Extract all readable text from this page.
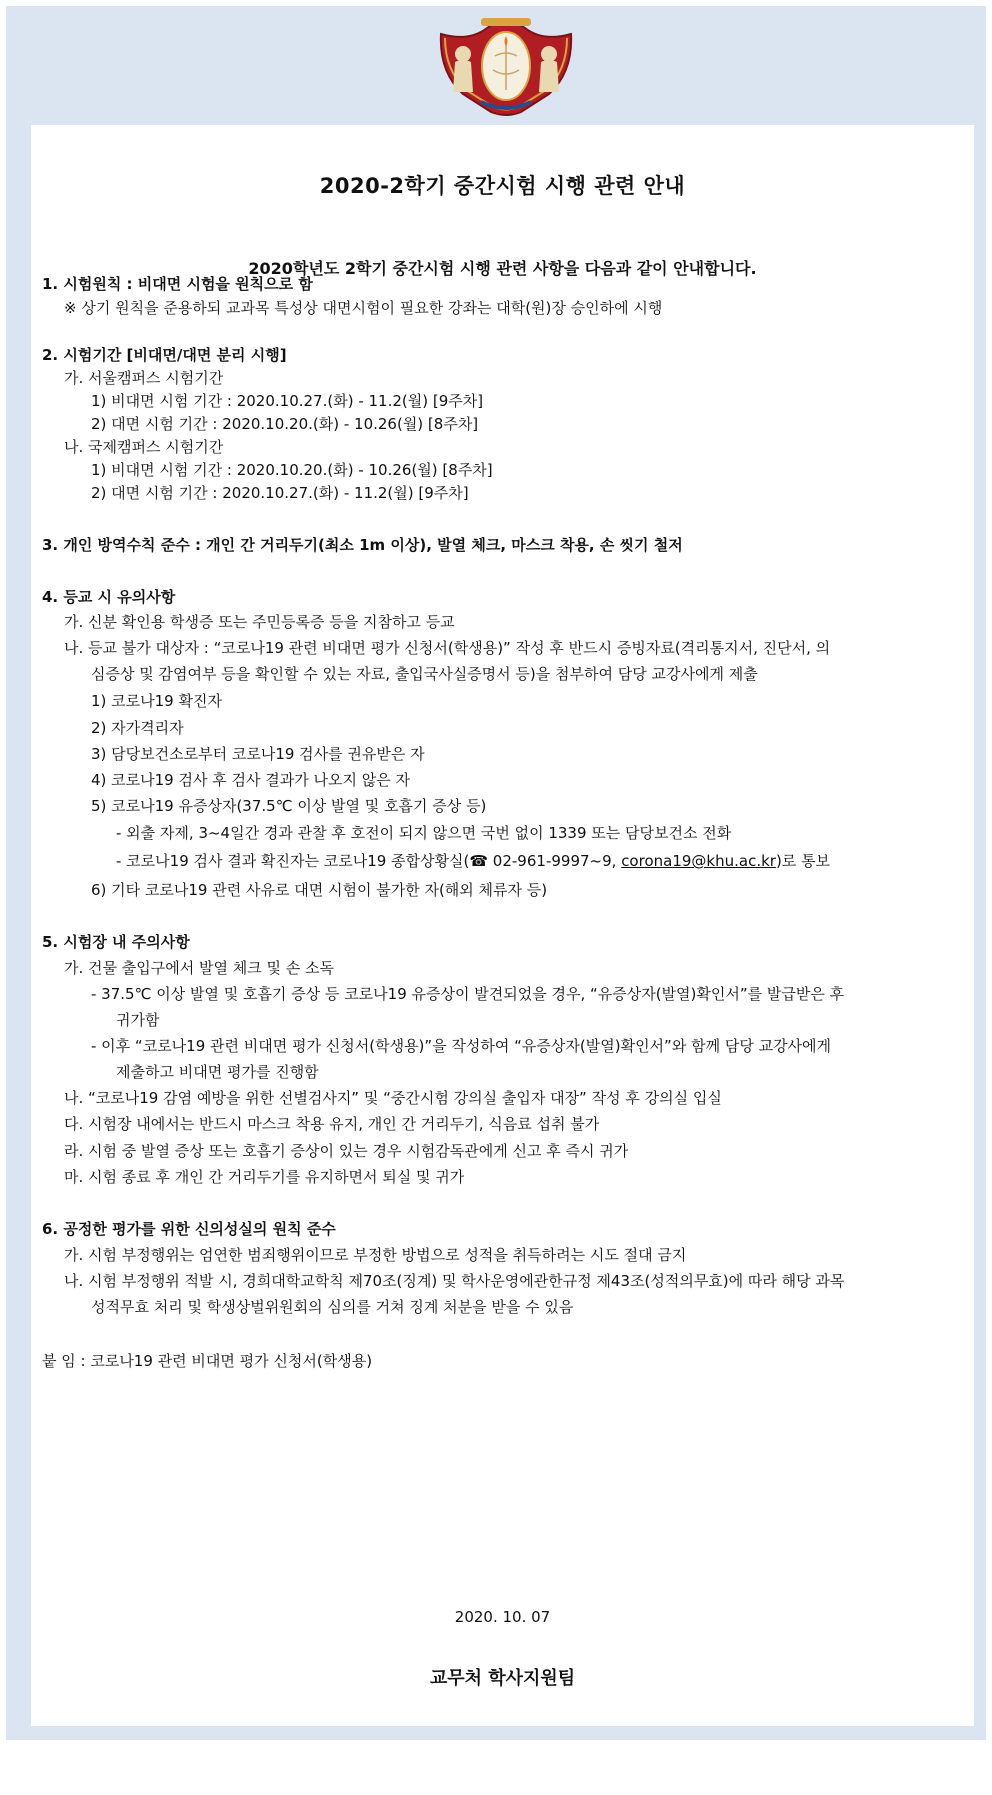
2020-2학기 중간시험 시행 관련 안내
2020학년도 2학기 중간시험 시행 관련 사항을 다음과 같이 안내합니다.
1. 시험원칙 : 비대면 시험을 원칙으로 함
※ 상기 원칙을 준용하되 교과목 특성상 대면시험이 필요한 강좌는 대학(원)장 승인하에 시행
2. 시험기간 [비대면/대면 분리 시행]
가. 서울캠퍼스 시험기간
1) 비대면 시험 기간 : 2020.10.27.(화) - 11.2(월) [9주차]
2) 대면 시험 기간 : 2020.10.20.(화) - 10.26(월) [8주차]
나. 국제캠퍼스 시험기간
1) 비대면 시험 기간 : 2020.10.20.(화) - 10.26(월) [8주차]
2) 대면 시험 기간 : 2020.10.27.(화) - 11.2(월) [9주차]
3. 개인 방역수칙 준수 : 개인 간 거리두기(최소 1m 이상), 발열 체크, 마스크 착용, 손 씻기 철저
4. 등교 시 유의사항
가. 신분 확인용 학생증 또는 주민등록증 등을 지참하고 등교
나. 등교 불가 대상자 : “코로나19 관련 비대면 평가 신청서(학생용)” 작성 후 반드시 증빙자료(격리통지서, 진단서, 의
심증상 및 감염여부 등을 확인할 수 있는 자료, 출입국사실증명서 등)을 첨부하여 담당 교강사에게 제출
1) 코로나19 확진자
2) 자가격리자
3) 담당보건소로부터 코로나19 검사를 권유받은 자
4) 코로나19 검사 후 검사 결과가 나오지 않은 자
5) 코로나19 유증상자(37.5℃ 이상 발열 및 호흡기 증상 등)
- 외출 자제, 3~4일간 경과 관찰 후 호전이 되지 않으면 국번 없이 1339 또는 담당보건소 전화
- 코로나19 검사 결과 확진자는 코로나19 종합상황실(☎ 02-961-9997~9, corona19@khu.ac.kr)로 통보
6) 기타 코로나19 관련 사유로 대면 시험이 불가한 자(해외 체류자 등)
5. 시험장 내 주의사항
가. 건물 출입구에서 발열 체크 및 손 소독
- 37.5℃ 이상 발열 및 호흡기 증상 등 코로나19 유증상이 발견되었을 경우, “유증상자(발열)확인서”를 발급받은 후
귀가함
- 이후 “코로나19 관련 비대면 평가 신청서(학생용)”을 작성하여 “유증상자(발열)확인서”와 함께 담당 교강사에게
제출하고 비대면 평가를 진행함
나. “코로나19 감염 예방을 위한 선별검사지” 및 “중간시험 강의실 출입자 대장” 작성 후 강의실 입실
다. 시험장 내에서는 반드시 마스크 착용 유지, 개인 간 거리두기, 식음료 섭취 불가
라. 시험 중 발열 증상 또는 호흡기 증상이 있는 경우 시험감독관에게 신고 후 즉시 귀가
마. 시험 종료 후 개인 간 거리두기를 유지하면서 퇴실 및 귀가
6. 공정한 평가를 위한 신의성실의 원칙 준수
가. 시험 부정행위는 엄연한 범죄행위이므로 부정한 방법으로 성적을 취득하려는 시도 절대 금지
나. 시험 부정행위 적발 시, 경희대학교학칙 제70조(징계) 및 학사운영에관한규정 제43조(성적의무효)에 따라 해당 과목
성적무효 처리 및 학생상벌위원회의 심의를 거쳐 징계 처분을 받을 수 있음
붙 임 : 코로나19 관련 비대면 평가 신청서(학생용)
2020. 10. 07
교무처 학사지원팀
